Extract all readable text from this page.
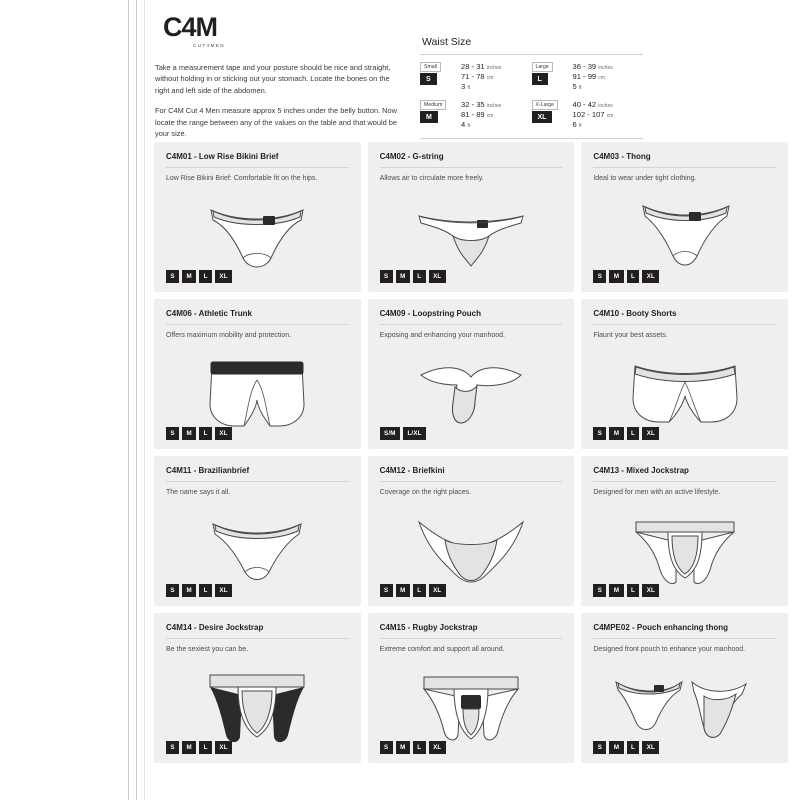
C4M
CUT4MEN

Take a measurement tape and your posture should be nice and straight, without holding in or sticking out your stomach. Locate the bones on the right and left side of the abdomen.

For C4M Cut 4 Men measure approx 5 inches under the belly button. Now locate the range between any of the values on the table and that would be your size.

Waist Size
Small
S
28 - 31 inches
71 - 78 cm
3 ft
Medium
M
32 - 35 inches
81 - 89 cm
4 ft
Large
L
36 - 39 inches
91 - 99 cm
5 ft
X-Large
XL
40 - 42 inches
102 - 107 cm
6 ft
C4M01 - Low Rise Bikini Brief
Low Rise Bikini Brief: Comfortable fit on the hips.
S	M	L	XL
C4M02 - G-string
Allows air to circulate more freely.
S	M	L	XL
C4M03 - Thong
Ideal to wear under tight clothing.
S	M	L	XL
C4M06 - Athletic Trunk
Offers maximum mobility and protection.
S	M	L	XL
C4M09 - Loopstring Pouch
Exposing and enhancing your manhood.
S/M	L/XL
C4M10 - Booty Shorts
Flaunt your best assets.
S	M	L	XL
C4M11 - Brazilianbrief
The name says it all.
S	M	L	XL
C4M12 - Briefkini
Coverage on the right places.
S	M	L	XL
C4M13 - Mixed Jockstrap
Designed for men with an active lifestyle.
S	M	L	XL
C4M14 - Desire Jockstrap
Be the sexiest you can be.
S	M	L	XL
C4M15 - Rugby Jockstrap
Extreme comfort and support all around.
S	M	L	XL
C4MPE02 - Pouch enhancing thong
Designed front pouch to enhance your manhood.
S	M	L	XL
